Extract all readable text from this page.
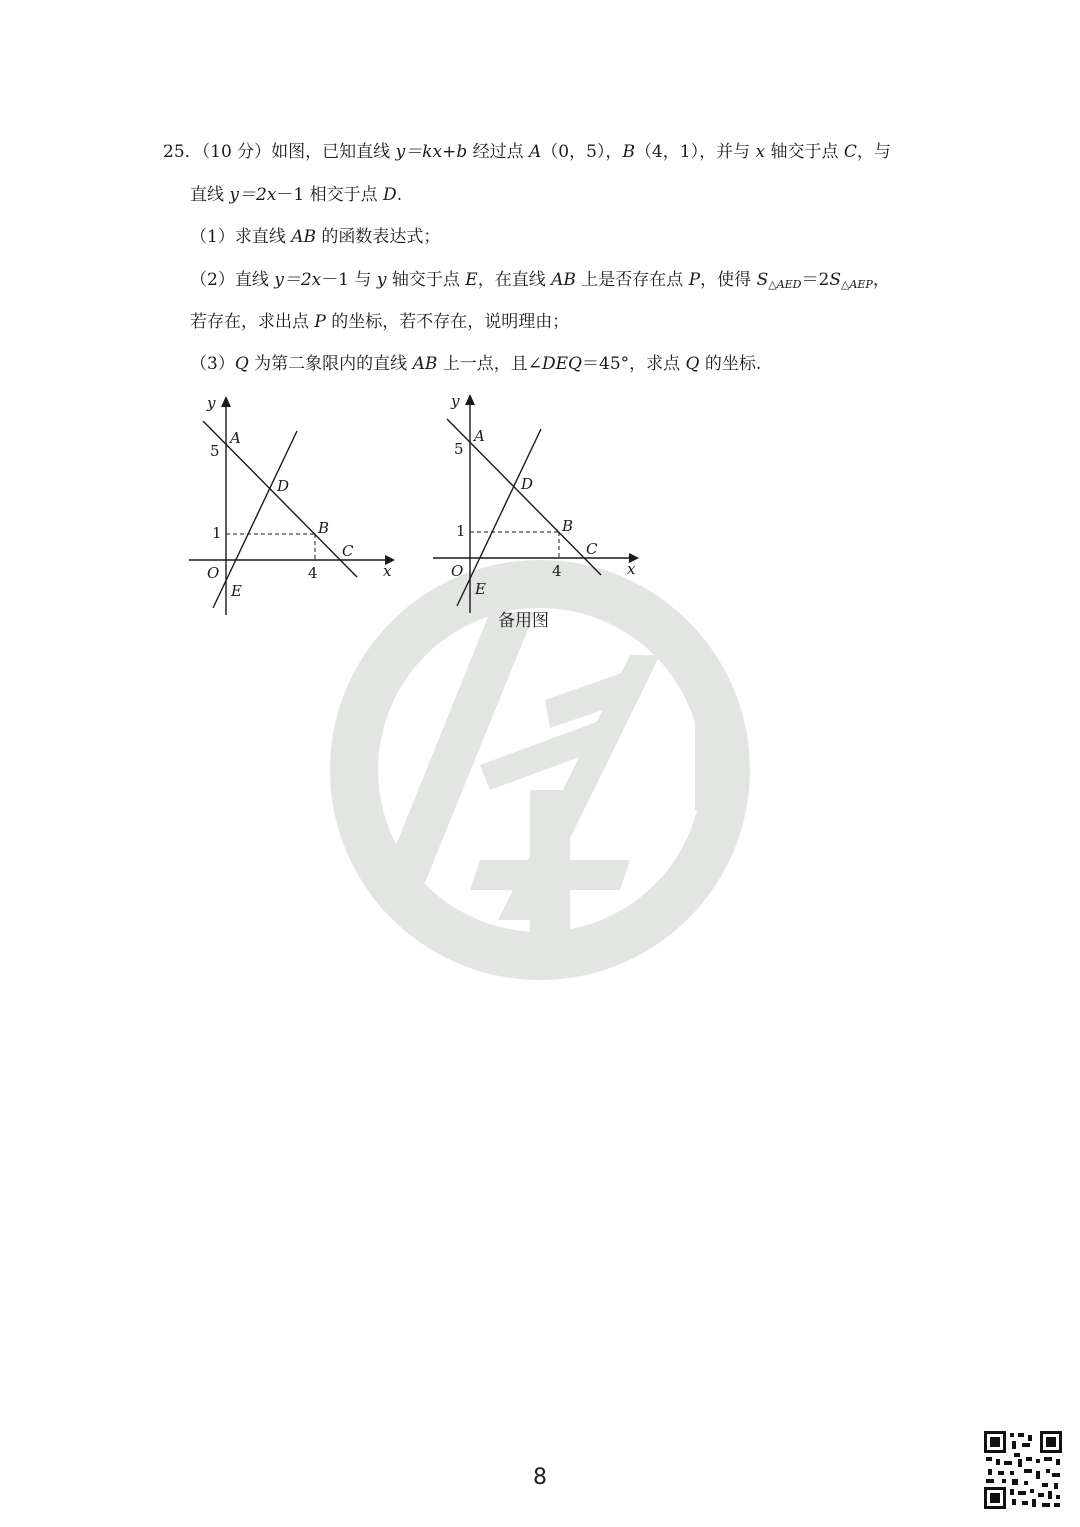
25．（10 分）如图，已知直线 y＝kx+b 经过点 A（0，5），B（4，1），并与 x 轴交于点 C，与
直线 y＝2x－1 相交于点 D.
（1）求直线 AB 的函数表达式；
（2）直线 y＝2x－1 与 y 轴交于点 E，在直线 AB 上是否存在点 P，使得 $S_{\triangle AED}=2S_{\triangle AEP}$，
若存在，求出点 P 的坐标，若不存在，说明理由；
（3）Q 为第二象限内的直线 AB 上一点，且∠DEQ＝45°，求点 Q 的坐标.
y
A
5
D
1	B
C
O	4	x
E
y
A
5
D
1	B
C
O	4	x
E
备用图
8
